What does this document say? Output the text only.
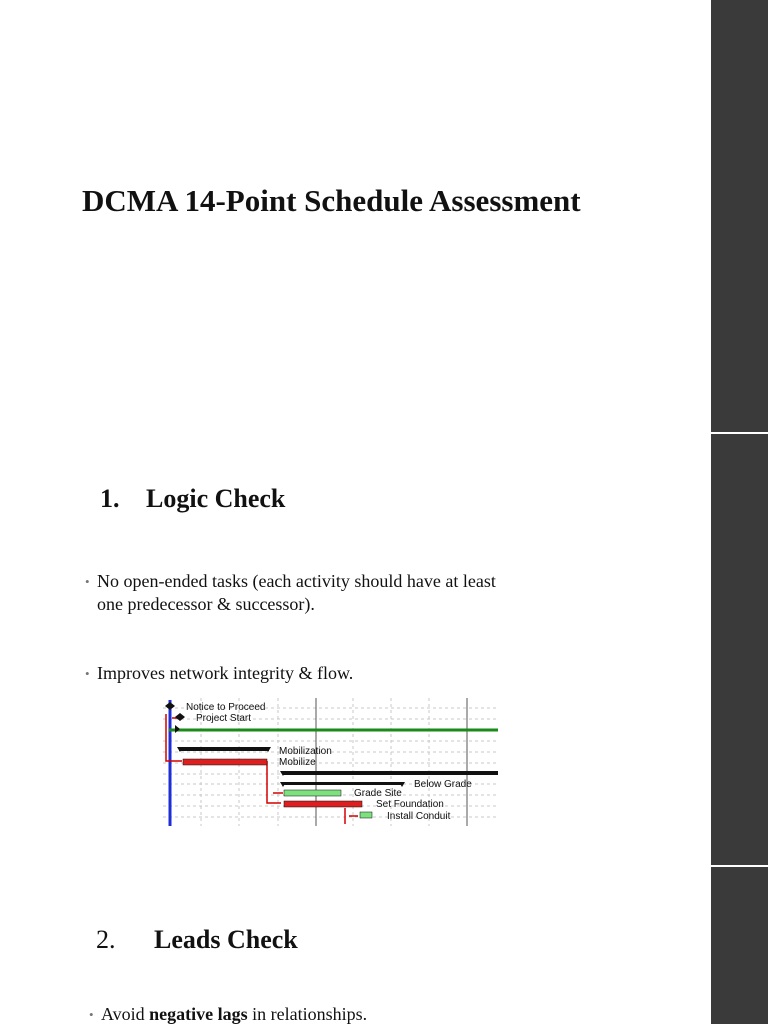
DCMA 14-Point Schedule Assessment
1. Logic Check
• No open-ended tasks (each activity should have at least
one predecessor & successor).
• Improves network integrity & flow.
Notice to Proceed
Project Start
Mobilization
Mobilize
Below Grade
Grade Site
Set Foundation
Install Conduit
2. Leads Check
• Avoid negative lags in relationships.
